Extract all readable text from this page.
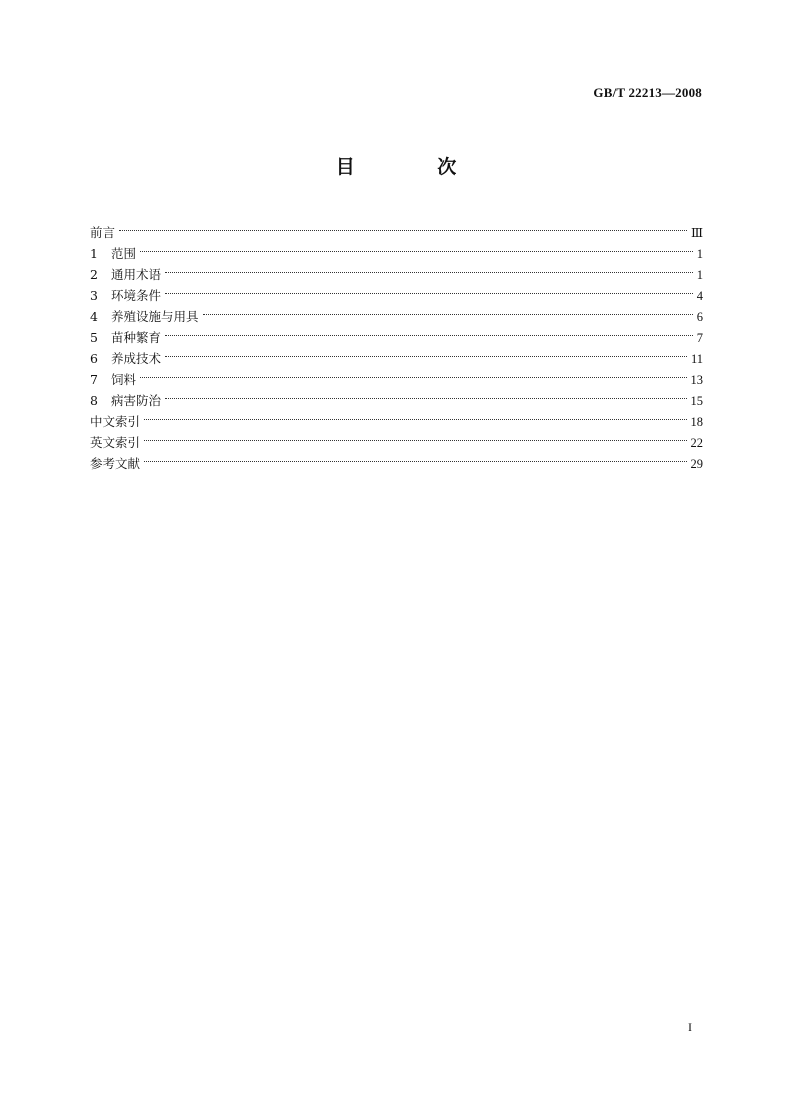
GB/T 22213—2008
目 次
前言	Ⅲ
1 范围	1
2 通用术语	1
3 环境条件	4
4 养殖设施与用具	6
5 苗种繁育	7
6 养成技术	11
7 饲料	13
8 病害防治	15
中文索引	18
英文索引	22
参考文献	29
I
